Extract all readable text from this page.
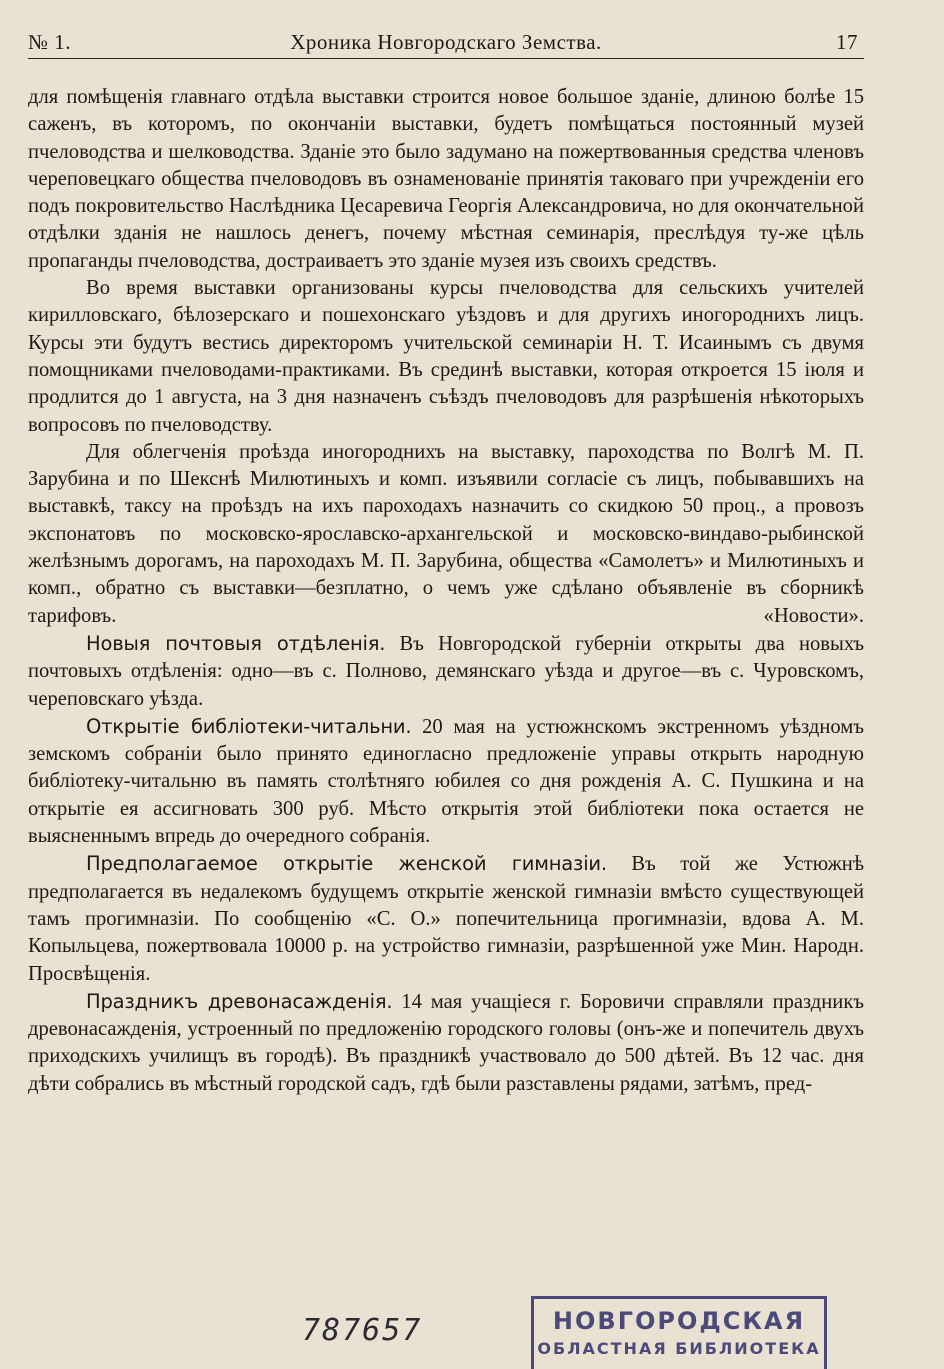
№ 1.	Хроника Новгородскаго Земства.	17

для помѣщенія главнаго отдѣла выставки строится новое большое зданіе, длиною болѣе 15 саженъ, въ которомъ, по окончаніи выставки, будетъ помѣщаться постоянный музей пчеловодства и шелководства. Зданіе это было задумано на пожертвованныя средства членовъ череповецкаго общества пчеловодовъ въ ознаменованіе принятія таковаго при учрежденіи его подъ покровительство Наслѣдника Цесаревича Георгія Александровича, но для окончательной отдѣлки зданія не нашлось денегъ, почему мѣстная семинарія, преслѣдуя ту-же цѣль пропаганды пчеловодства, достраиваетъ это зданіе музея изъ своихъ средствъ.

Во время выставки организованы курсы пчеловодства для сельскихъ учителей кирилловскаго, бѣлозерскаго и пошехонскаго уѣздовъ и для другихъ иногороднихъ лицъ. Курсы эти будутъ вестись директоромъ учительской семинаріи Н. Т. Исаинымъ съ двумя помощниками пчеловодами-практиками. Въ срединѣ выставки, которая откроется 15 іюля и продлится до 1 августа, на 3 дня назначенъ съѣздъ пчеловодовъ для разрѣшенія нѣкоторыхъ вопросовъ по пчеловодству.

Для облегченія проѣзда иногороднихъ на выставку, пароходства по Волгѣ М. П. Зарубина и по Шекснѣ Милютиныхъ и комп. изъявили согласіе съ лицъ, побывавшихъ на выставкѣ, таксу на проѣздъ на ихъ пароходахъ назначить со скидкою 50 проц., а провозъ экспонатовъ по московско-ярославско-архангельской и московско-виндаво-рыбинской желѣзнымъ дорогамъ, на пароходахъ М. П. Зарубина, общества «Самолетъ» и Милютиныхъ и комп., обратно съ выставки—безплатно, о чемъ уже сдѣлано объявленіе въ сборникѣ тарифовъ.	«Новости».

Новыя почтовыя отдѣленія. Въ Новгородской губерніи открыты два новыхъ почтовыхъ отдѣленія: одно—въ с. Полново, демянскаго уѣзда и другое—въ с. Чуровскомъ, череповскаго уѣзда.

Открытіе библіотеки-читальни. 20 мая на устюжнскомъ экстренномъ уѣздномъ земскомъ собраніи было принято единогласно предложеніе управы открыть народную библіотеку-читальню въ память столѣтняго юбилея со дня рожденія А. С. Пушкина и на открытіе ея ассигновать 300 руб. Мѣсто открытія этой библіотеки пока остается не выясненнымъ впредь до очередного собранія.

Предполагаемое открытіе женской гимназіи. Въ той же Устюжнѣ предполагается въ недалекомъ будущемъ открытіе женской гимназіи вмѣсто существующей тамъ прогимназіи. По сообщенію «С. О.» попечительница прогимназіи, вдова А. М. Копыльцева, пожертвовала 10000 р. на устройство гимназіи, разрѣшенной уже Мин. Народн. Просвѣщенія.

Праздникъ древонасажденія. 14 мая учащіеся г. Боровичи справляли праздникъ древонасажденія, устроенный по предложенію городского головы (онъ-же и попечитель двухъ приходскихъ училищъ въ городѣ). Въ праздникѣ участвовало до 500 дѣтей. Въ 12 час. дня дѣти собрались въ мѣстный городской садъ, гдѣ были разставлены рядами, затѣмъ, пред-

787657	НОВГОРОДСКАЯ
ОБЛАСТНАЯ БИБЛИОТЕКА
